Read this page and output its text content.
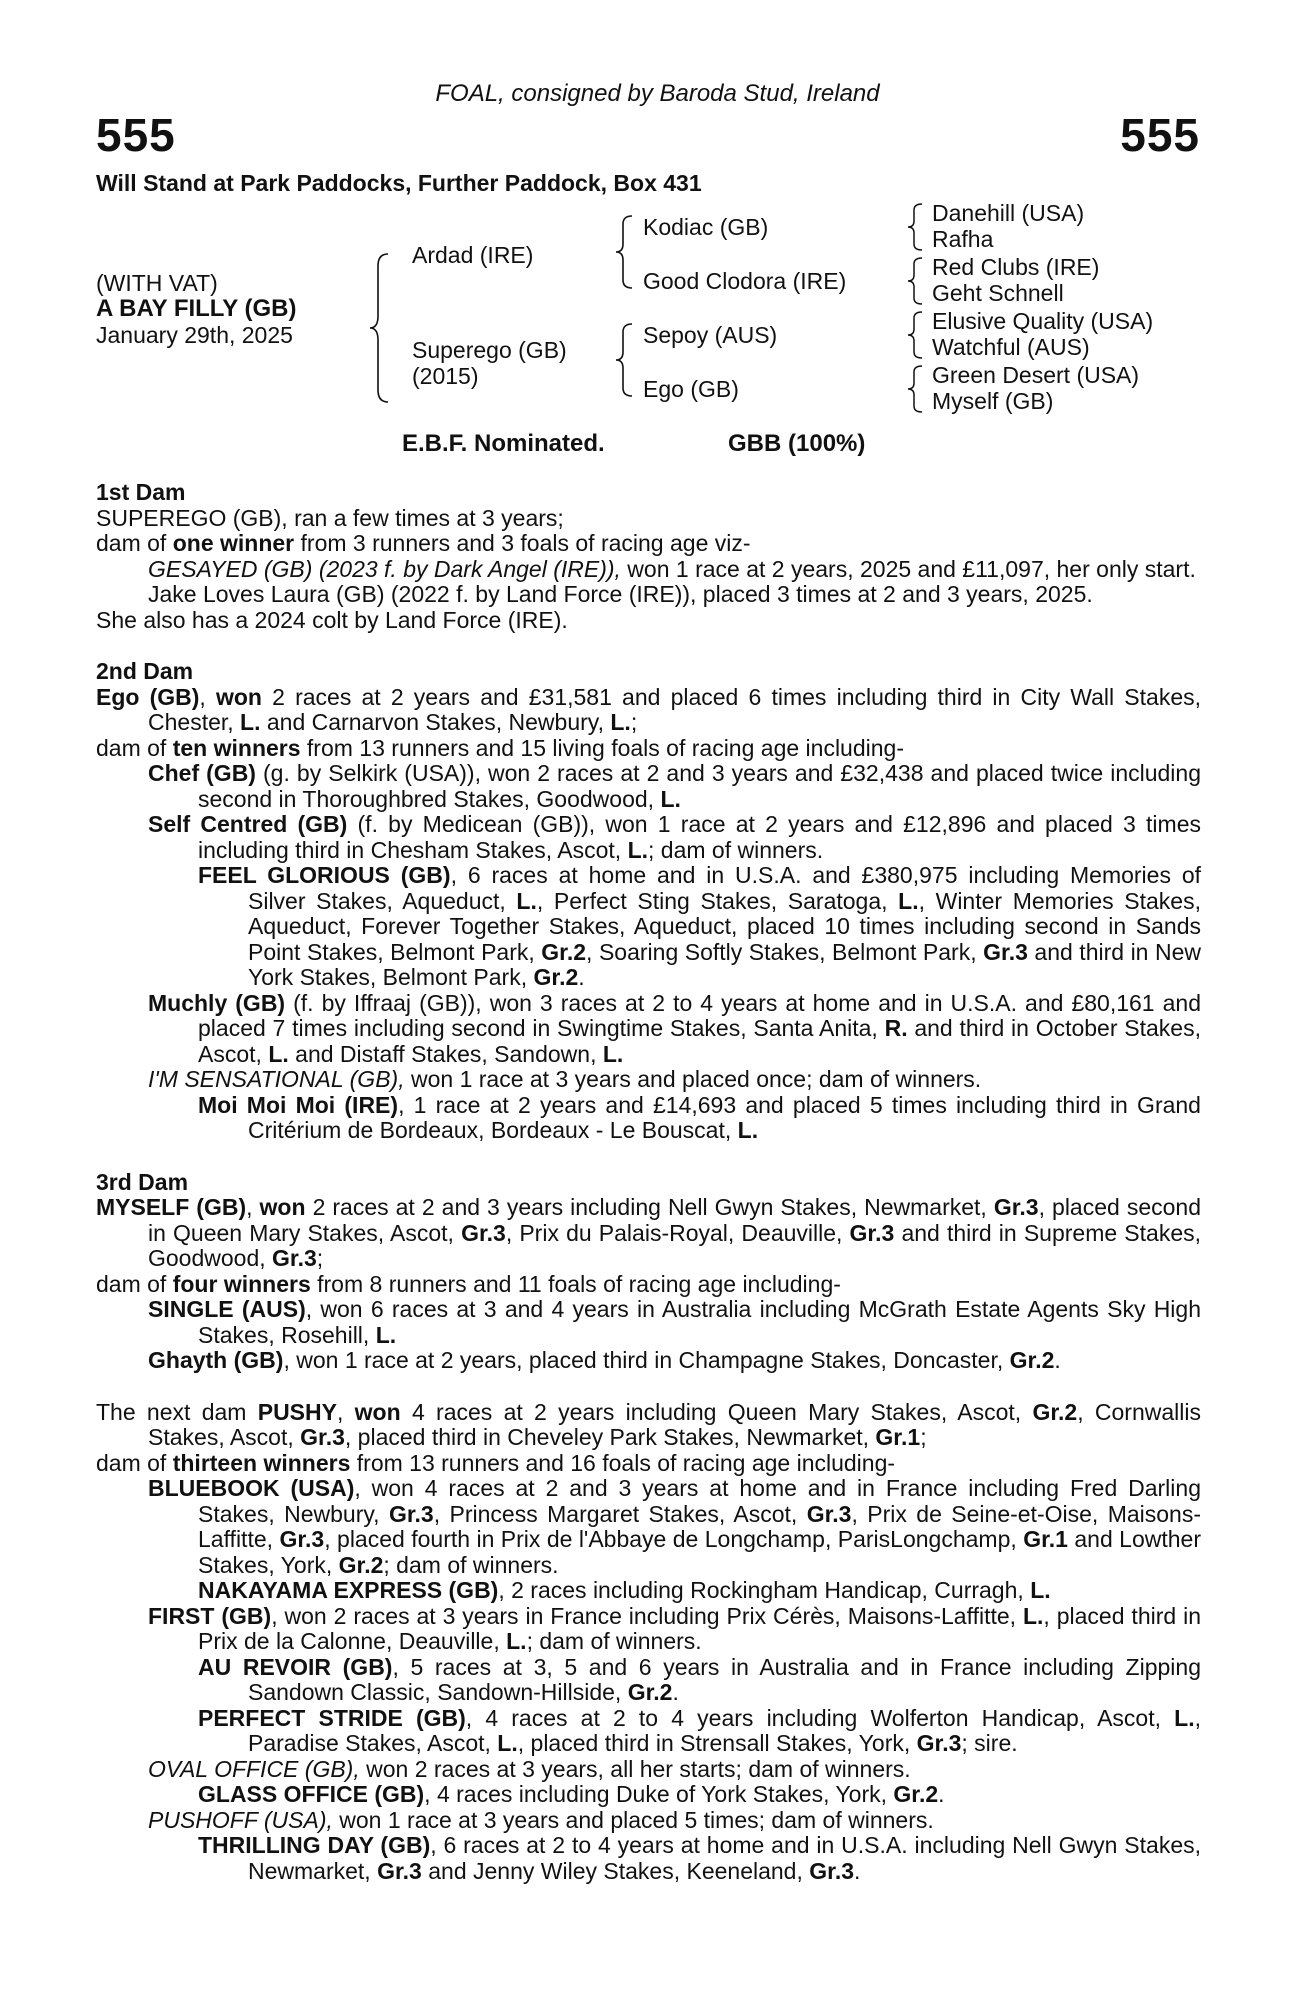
FOAL, consigned by Baroda Stud, Ireland
555	555
Will Stand at Park Paddocks, Further Paddock, Box 431
(WITH VAT)
A BAY FILLY (GB)
January 29th, 2025
Ardad (IRE)
Superego (GB)
(2015)
Kodiac (GB)
Good Clodora (IRE)
Sepoy (AUS)
Ego (GB)
Danehill (USA)
Rafha
Red Clubs (IRE)
Geht Schnell
Elusive Quality (USA)
Watchful (AUS)
Green Desert (USA)
Myself (GB)
E.B.F. Nominated.	GBB (100%)
1st Dam
SUPEREGO (GB), ran a few times at 3 years;
dam of one winner from 3 runners and 3 foals of racing age viz-
GESAYED (GB) (2023 f. by Dark Angel (IRE)), won 1 race at 2 years, 2025 and £11,097, her only start.
Jake Loves Laura (GB) (2022 f. by Land Force (IRE)), placed 3 times at 2 and 3 years, 2025.
She also has a 2024 colt by Land Force (IRE).
2nd Dam
Ego (GB), won 2 races at 2 years and £31,581 and placed 6 times including third in City Wall Stakes, Chester, L. and Carnarvon Stakes, Newbury, L.;
dam of ten winners from 13 runners and 15 living foals of racing age including-
Chef (GB) (g. by Selkirk (USA)), won 2 races at 2 and 3 years and £32,438 and placed twice including second in Thoroughbred Stakes, Goodwood, L.
Self Centred (GB) (f. by Medicean (GB)), won 1 race at 2 years and £12,896 and placed 3 times including third in Chesham Stakes, Ascot, L.; dam of winners.
FEEL GLORIOUS (GB), 6 races at home and in U.S.A. and £380,975 including Memories of Silver Stakes, Aqueduct, L., Perfect Sting Stakes, Saratoga, L., Winter Memories Stakes, Aqueduct, Forever Together Stakes, Aqueduct, placed 10 times including second in Sands Point Stakes, Belmont Park, Gr.2, Soaring Softly Stakes, Belmont Park, Gr.3 and third in New York Stakes, Belmont Park, Gr.2.
Muchly (GB) (f. by Iffraaj (GB)), won 3 races at 2 to 4 years at home and in U.S.A. and £80,161 and placed 7 times including second in Swingtime Stakes, Santa Anita, R. and third in October Stakes, Ascot, L. and Distaff Stakes, Sandown, L.
I'M SENSATIONAL (GB), won 1 race at 3 years and placed once; dam of winners.
Moi Moi Moi (IRE), 1 race at 2 years and £14,693 and placed 5 times including third in Grand Critérium de Bordeaux, Bordeaux - Le Bouscat, L.
3rd Dam
MYSELF (GB), won 2 races at 2 and 3 years including Nell Gwyn Stakes, Newmarket, Gr.3, placed second in Queen Mary Stakes, Ascot, Gr.3, Prix du Palais-Royal, Deauville, Gr.3 and third in Supreme Stakes, Goodwood, Gr.3;
dam of four winners from 8 runners and 11 foals of racing age including-
SINGLE (AUS), won 6 races at 3 and 4 years in Australia including McGrath Estate Agents Sky High Stakes, Rosehill, L.
Ghayth (GB), won 1 race at 2 years, placed third in Champagne Stakes, Doncaster, Gr.2.
The next dam PUSHY, won 4 races at 2 years including Queen Mary Stakes, Ascot, Gr.2, Cornwallis Stakes, Ascot, Gr.3, placed third in Cheveley Park Stakes, Newmarket, Gr.1;
dam of thirteen winners from 13 runners and 16 foals of racing age including-
BLUEBOOK (USA), won 4 races at 2 and 3 years at home and in France including Fred Darling Stakes, Newbury, Gr.3, Princess Margaret Stakes, Ascot, Gr.3, Prix de Seine-et-Oise, Maisons-Laffitte, Gr.3, placed fourth in Prix de l'Abbaye de Longchamp, ParisLongchamp, Gr.1 and Lowther Stakes, York, Gr.2; dam of winners.
NAKAYAMA EXPRESS (GB), 2 races including Rockingham Handicap, Curragh, L.
FIRST (GB), won 2 races at 3 years in France including Prix Cérès, Maisons-Laffitte, L., placed third in Prix de la Calonne, Deauville, L.; dam of winners.
AU REVOIR (GB), 5 races at 3, 5 and 6 years in Australia and in France including Zipping Sandown Classic, Sandown-Hillside, Gr.2.
PERFECT STRIDE (GB), 4 races at 2 to 4 years including Wolferton Handicap, Ascot, L., Paradise Stakes, Ascot, L., placed third in Strensall Stakes, York, Gr.3; sire.
OVAL OFFICE (GB), won 2 races at 3 years, all her starts; dam of winners.
GLASS OFFICE (GB), 4 races including Duke of York Stakes, York, Gr.2.
PUSHOFF (USA), won 1 race at 3 years and placed 5 times; dam of winners.
THRILLING DAY (GB), 6 races at 2 to 4 years at home and in U.S.A. including Nell Gwyn Stakes, Newmarket, Gr.3 and Jenny Wiley Stakes, Keeneland, Gr.3.
